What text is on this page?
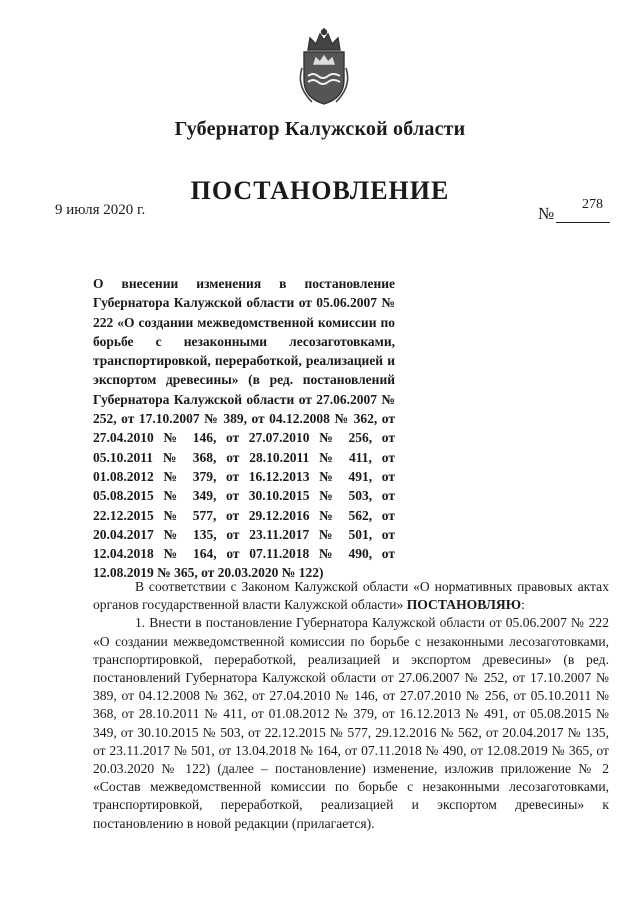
Губернатор Калужской области
ПОСТАНОВЛЕНИЕ
9 июля 2020 г.	№ 278
О внесении изменения в постановление Губернатора Калужской области от 05.06.2007 № 222 «О создании межведомственной комиссии по борьбе с незаконными лесозаготовками, транспортировкой, переработкой, реализацией и экспортом древесины» (в ред. постановлений Губернатора Калужской области от 27.06.2007 № 252, от 17.10.2007 № 389, от 04.12.2008 № 362, от 27.04.2010 № 146, от 27.07.2010 № 256, от 05.10.2011 № 368, от 28.10.2011 № 411, от 01.08.2012 № 379, от 16.12.2013 № 491, от 05.08.2015 № 349, от 30.10.2015 № 503, от 22.12.2015 № 577, от 29.12.2016 № 562, от 20.04.2017 № 135, от 23.11.2017 № 501, от 12.04.2018 № 164, от 07.11.2018 № 490, от 12.08.2019 № 365, от 20.03.2020 № 122)

В соответствии с Законом Калужской области «О нормативных правовых актах органов государственной власти Калужской области» ПОСТАНОВЛЯЮ:

1. Внести в постановление Губернатора Калужской области от 05.06.2007 № 222 «О создании межведомственной комиссии по борьбе с незаконными лесозаготовками, транспортировкой, переработкой, реализацией и экспортом древесины» (в ред. постановлений Губернатора Калужской области от 27.06.2007 № 252, от 17.10.2007 № 389, от 04.12.2008 № 362, от 27.04.2010 № 146, от 27.07.2010 № 256, от 05.10.2011 № 368, от 28.10.2011 № 411, от 01.08.2012 № 379, от 16.12.2013 № 491, от 05.08.2015 № 349, от 30.10.2015 № 503, от 22.12.2015 № 577, 29.12.2016 № 562, от 20.04.2017 № 135, от 23.11.2017 № 501, от 13.04.2018 № 164, от 07.11.2018 № 490, от 12.08.2019 № 365, от 20.03.2020 № 122) (далее – постановление) изменение, изложив приложение № 2 «Состав межведомственной комиссии по борьбе с незаконными лесозаготовками, транспортировкой, переработкой, реализацией и экспортом древесины» к постановлению в новой редакции (прилагается).
